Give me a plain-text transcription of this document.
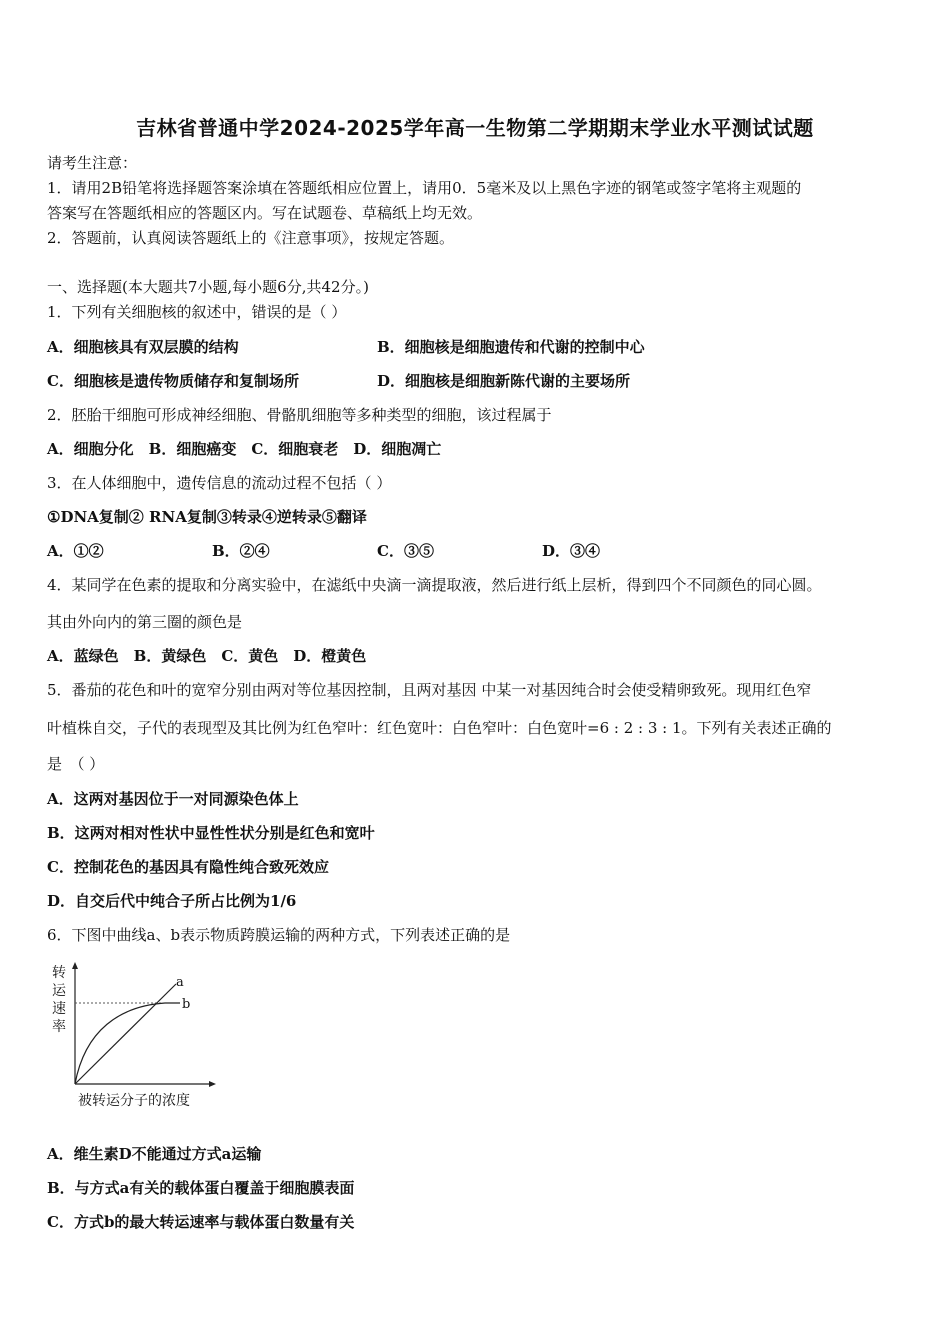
吉林省普通中学2024-2025学年高一生物第二学期期末学业水平测试试题
请考生注意：
1．请用2B铅笔将选择题答案涂填在答题纸相应位置上，请用0．5毫米及以上黑色字迹的钢笔或签字笔将主观题的
答案写在答题纸相应的答题区内。写在试题卷、草稿纸上均无效。
2．答题前，认真阅读答题纸上的《注意事项》，按规定答题。
一、选择题(本大题共7小题,每小题6分,共42分。)
1．下列有关细胞核的叙述中，错误的是（ ）
A．细胞核具有双层膜的结构	B．细胞核是细胞遗传和代谢的控制中心
C．细胞核是遗传物质储存和复制场所	D．细胞核是细胞新陈代谢的主要场所
2．胚胎干细胞可形成神经细胞、骨骼肌细胞等多种类型的细胞，该过程属于
A．细胞分化　B．细胞癌变　C．细胞衰老　D．细胞凋亡
3．在人体细胞中，遗传信息的流动过程不包括（ ）
①DNA复制② RNA复制③转录④逆转录⑤翻译
A．①②	B．②④	C．③⑤	D．③④
4．某同学在色素的提取和分离实验中，在滤纸中央滴一滴提取液，然后进行纸上层析，得到四个不同颜色的同心圆。
其由外向内的第三圈的颜色是
A．蓝绿色　B．黄绿色　C．黄色　D．橙黄色
5．番茄的花色和叶的宽窄分别由两对等位基因控制，且两对基因 中某一对基因纯合时会使受精卵致死。现用红色窄
叶植株自交，子代的表现型及其比例为红色窄叶：红色宽叶：白色窄叶：白色宽叶=6 : 2 : 3 : 1。下列有关表述正确的
是　（ ）
A．这两对基因位于一对同源染色体上
B．这两对相对性状中显性性状分别是红色和宽叶
C．控制花色的基因具有隐性纯合致死效应
D．自交后代中纯合子所占比例为1/6
6．下图中曲线a、b表示物质跨膜运输的两种方式，下列表述正确的是
转
运
速
率
a
b
被转运分子的浓度
A．维生素D不能通过方式a运输
B．与方式a有关的载体蛋白覆盖于细胞膜表面
C．方式b的最大转运速率与载体蛋白数量有关
